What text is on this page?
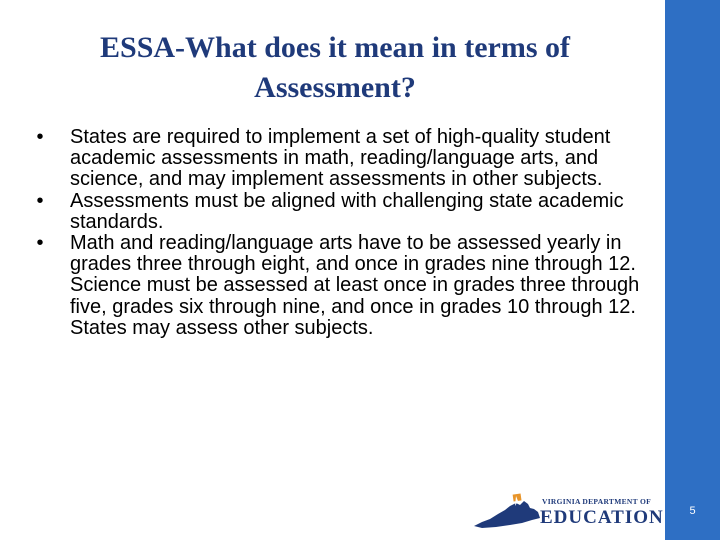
ESSA-What does it mean in terms of
Assessment?
•	States are required to implement a set of high-quality student academic assessments in math, reading/language arts, and science, and may implement assessments in other subjects.
•	Assessments must be aligned with challenging state academic standards.
•	Math and reading/language arts have to be assessed yearly in grades three through eight, and once in grades nine through 12. Science must be assessed at least once in grades three through five, grades six through nine, and once in grades 10 through 12. States may assess other subjects.
VIRGINIA DEPARTMENT OF
EDUCATION	5
